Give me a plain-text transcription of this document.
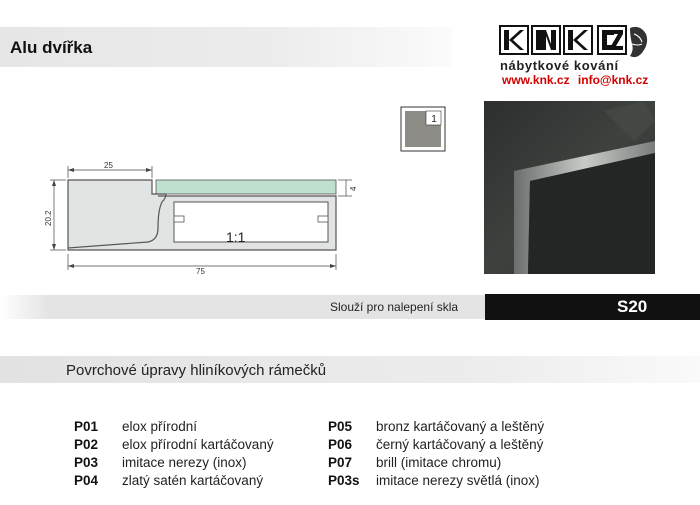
Alu dvířka	KNK CZ
nábytkové kování
www.knk.cz info@knk.cz
25
20.2
75
4
1:1
1
Slouží pro nalepení skla	S20
Povrchové úpravy hliníkových rámečků
P01 elox přírodní
P02 elox přírodní kartáčovaný
P03 imitace nerezy (inox)
P04 zlatý satén kartáčovaný
P05 bronz kartáčovaný a leštěný
P06 černý kartáčovaný a leštěný
P07 brill (imitace chromu)
P03s imitace nerezy světlá (inox)
